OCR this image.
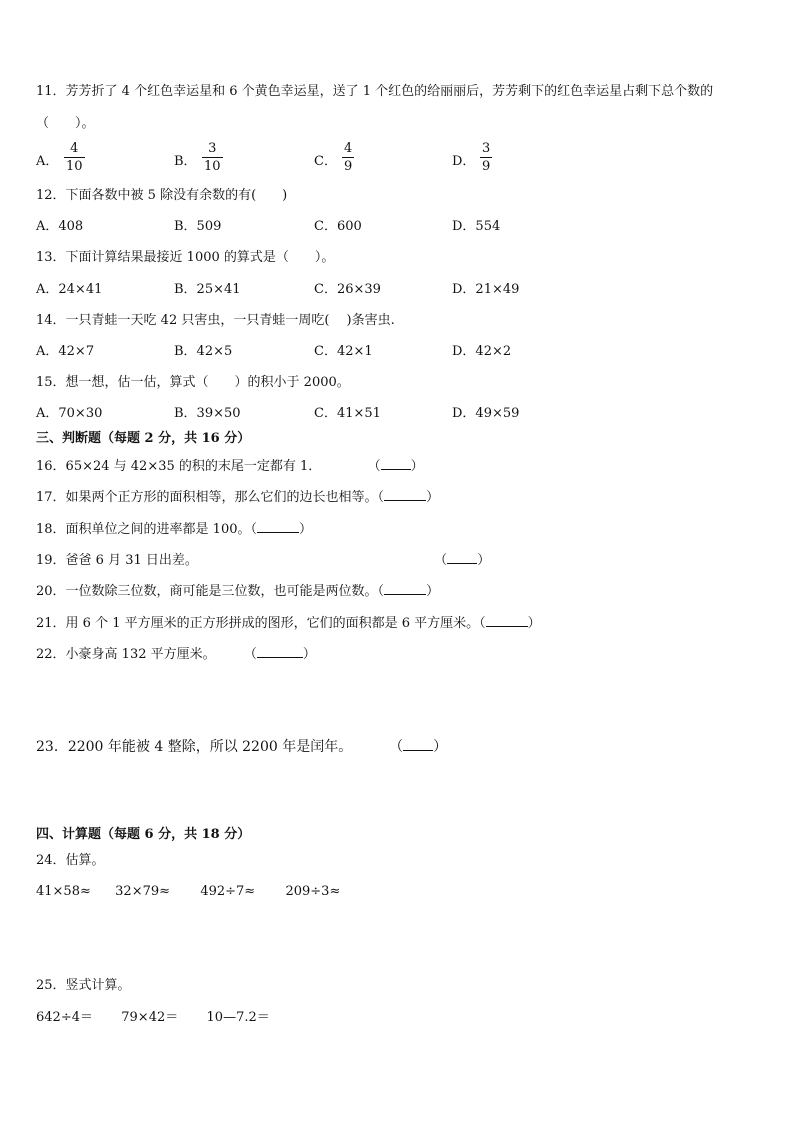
11．芳芳折了 4 个红色幸运星和 6 个黄色幸运星，送了 1 个红色的给丽丽后，芳芳剩下的红色幸运星占剩下总个数的
（　　）。
A．
4
10	B．
3
10	C．
4
9	D．
3
9
12．下面各数中被 5 除没有余数的有(　　)
A．408	B．509	C．600	D．554
13．下面计算结果最接近 1000 的算式是（　　）。
A．24×41	B．25×41	C．26×39	D．21×49
14．一只青蛙一天吃 42 只害虫，一只青蛙一周吃(　 )条害虫.
A．42×7	B．42×5	C．42×1	D．42×2
15．想一想，估一估，算式（　　）的积小于 2000。
A．70×30	B．39×50	C．41×51	D．49×59
三、判断题（每题 2 分，共 16 分）
16．65×24 与 42×35 的积的末尾一定都有 1．	（ ）
17．如果两个正方形的面积相等，那么它们的边长也相等。（	）
18．面积单位之间的进率都是 100。（	）
19．爸爸 6 月 31 日出差。	（ ）
20．一位数除三位数，商可能是三位数，也可能是两位数。（	）
21．用 6 个 1 平方厘米的正方形拼成的图形，它们的面积都是 6 平方厘米。（	）
22．小豪身高 132 平方厘米。 （	）
23．2200 年能被 4 整除，所以 2200 年是闰年。	（ ）
四、计算题（每题 6 分，共 18 分）
24．估算。
41×58≈ 32×79≈ 492÷7≈ 209÷3≈
25．竖式计算。
642÷4＝ 79×42＝ 10—7.2＝
